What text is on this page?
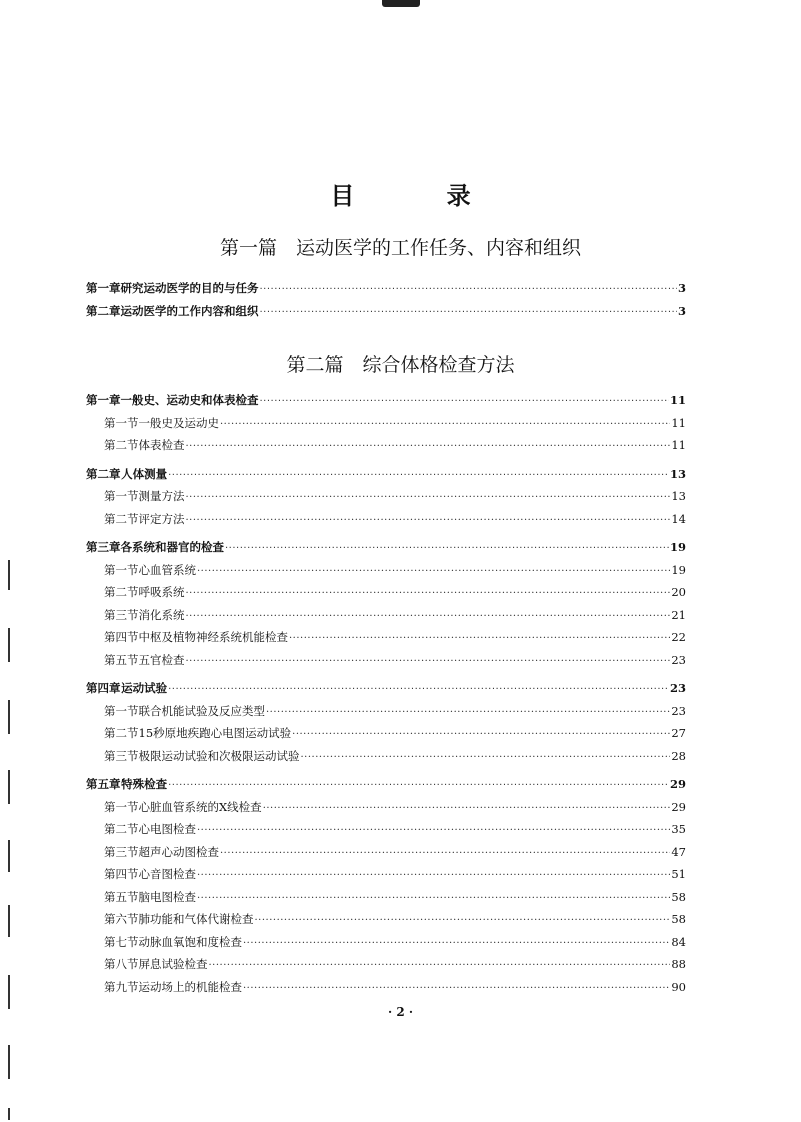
目 录
第一篇　运动医学的工作任务、内容和组织
第一章 研究运动医学的目的与任务 ·····	3
第二章 运动医学的工作内容和组织 ·····	3
第二篇　综合体格检查方法
第一章 一般史、运动史和体表检查 ·····	11
第一节 一般史及运动史 ·····	11
第二节 体表检查 ·····	11
第二章 人体测量 ·····	13
第一节 测量方法 ·····	13
第二节 评定方法 ·····	14
第三章 各系统和器官的检查 ·····	19
第一节 心血管系统 ·····	19
第二节 呼吸系统 ·····	20
第三节 消化系统 ·····	21
第四节 中枢及植物神经系统机能检查 ·····	22
第五节 五官检查 ·····	23
第四章 运动试验 ·····	23
第一节 联合机能试验及反应类型 ·····	23
第二节 15秒原地疾跑心电图运动试验 ·····	27
第三节 极限运动试验和次极限运动试验 ·····	28
第五章 特殊检查 ·····	29
第一节 心脏血管系统的X线检查 ·····	29
第二节 心电图检查 ·····	35
第三节 超声心动图检查 ·····	47
第四节 心音图检查 ·····	51
第五节 脑电图检查 ·····	58
第六节 肺功能和气体代谢检查 ·····	58
第七节 动脉血氧饱和度检查 ·····	84
第八节 屏息试验检查 ·····	88
第九节 运动场上的机能检查 ·····	90
· 2 ·
